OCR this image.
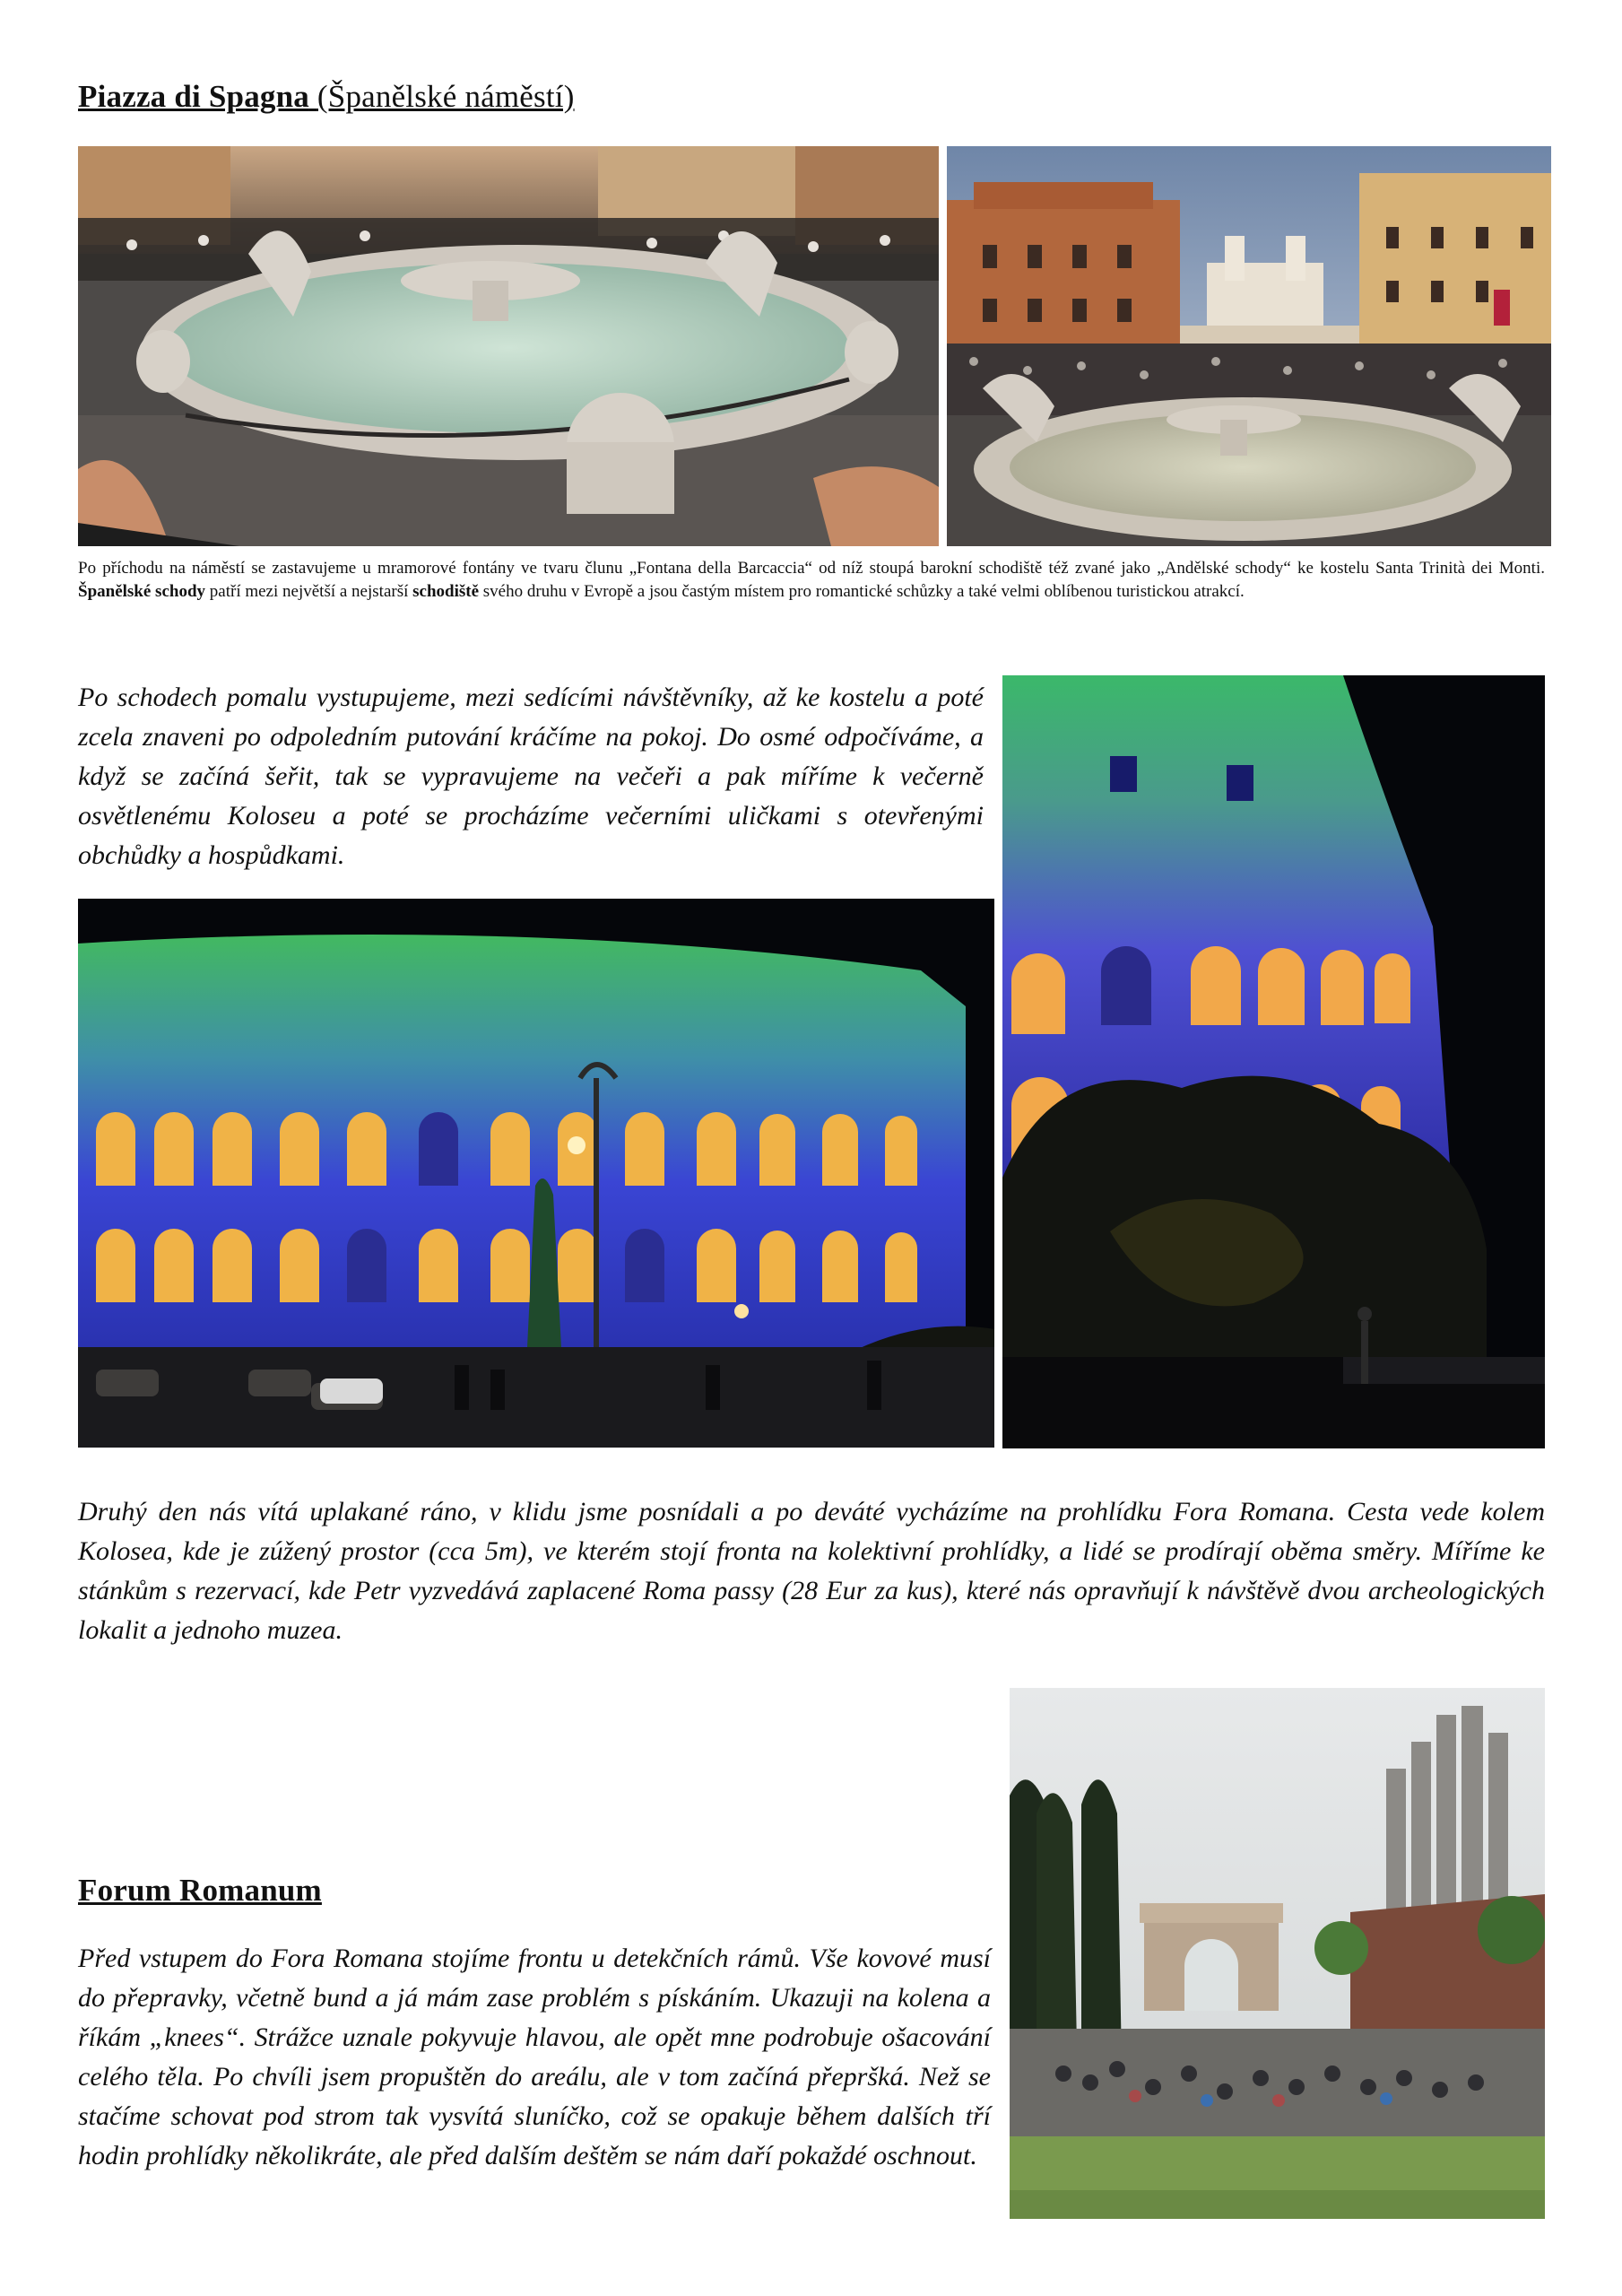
Piazza di Spagna (Španělské náměstí)
Po příchodu na náměstí se zastavujeme u mramorové fontány ve tvaru člunu „Fontana della Barcaccia“ od níž stoupá barokní schodiště též zvané jako „Andělské schody“ ke kostelu Santa Trinità dei Monti. Španělské schody patří mezi největší a nejstarší schodiště svého druhu v Evropě a jsou častým místem pro romantické schůzky a také velmi oblíbenou turistickou atrakcí.

Po schodech pomalu vystupujeme, mezi sedícími návštěvníky, až ke kostelu a poté zcela znaveni po odpoledním putování kráčíme na pokoj. Do osmé odpočíváme, a když se začíná šeřit, tak se vypravujeme na večeři a pak míříme k večerně osvětlenému Koloseu a poté se procházíme večerními uličkami s otevřenými obchůdky a hospůdkami.

Druhý den nás vítá uplakané ráno, v klidu jsme posnídali a po deváté vycházíme na prohlídku Fora Romana. Cesta vede kolem Kolosea, kde je zúžený prostor (cca 5m), ve kterém stojí fronta na kolektivní prohlídky, a lidé se prodírají oběma směry. Míříme ke stánkům s rezervací, kde Petr vyzvedává zaplacené Roma passy (28 Eur za kus), které nás opravňují k návštěvě dvou archeologických lokalit a jednoho muzea.

Forum Romanum

Před vstupem do Fora Romana stojíme frontu u detekčních rámů. Vše kovové musí do přepravky, včetně bund a já mám zase problém s pískáním. Ukazuji na kolena a říkám „knees“. Strážce uznale pokyvuje hlavou, ale opět mne podrobuje ošacování celého těla. Po chvíli jsem propuštěn do areálu, ale v tom začíná přepršká. Než se stačíme schovat pod strom tak vysvítá sluníčko, což se opakuje během dalších tří hodin prohlídky několikráte, ale před dalším deštěm se nám daří pokaždé oschnout.
